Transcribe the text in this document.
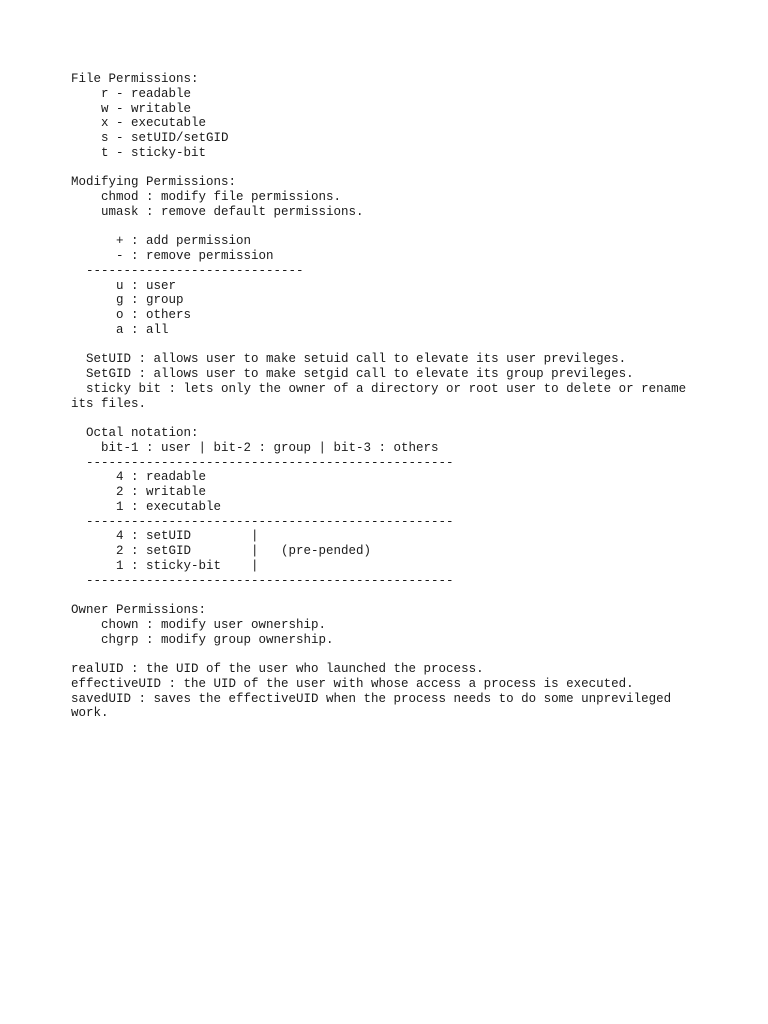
File Permissions:
r - readable
w - writable
x - executable
s - setUID/setGID
t - sticky-bit
Modifying Permissions:
chmod : modify file permissions.
umask : remove default permissions.
+ : add permission
- : remove permission
-----------------------------
u : user
g : group
o : others
a : all
SetUID : allows user to make setuid call to elevate its user previleges.
SetGID : allows user to make setgid call to elevate its group previleges.
sticky bit : lets only the owner of a directory or root user to delete or rename
its files.
Octal notation:
bit-1 : user | bit-2 : group | bit-3 : others
-------------------------------------------------
4 : readable
2 : writable
1 : executable
-------------------------------------------------
4 : setUID        |
2 : setGID        |   (pre-pended)
1 : sticky-bit    |
-------------------------------------------------
Owner Permissions:
chown : modify user ownership.
chgrp : modify group ownership.
realUID : the UID of the user who launched the process.
effectiveUID : the UID of the user with whose access a process is executed.
savedUID : saves the effectiveUID when the process needs to do some unprevileged
work.
